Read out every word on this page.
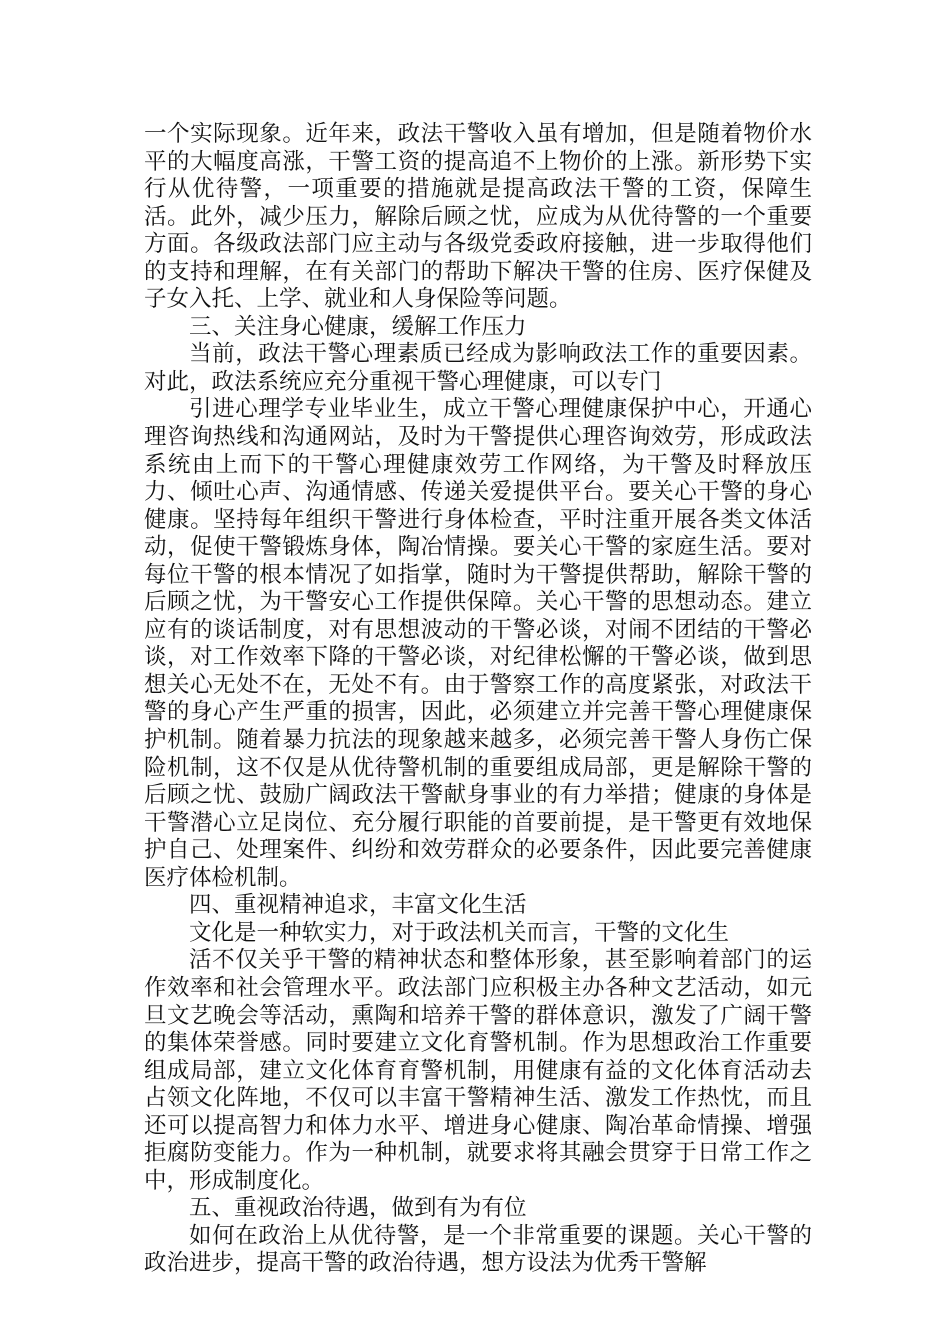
一个实际现象。近年来，政法干警收入虽有增加，但是随着物价水平的大幅度高涨，干警工资的提高追不上物价的上涨。新形势下实行从优待警，一项重要的措施就是提高政法干警的工资，保障生活。此外，减少压力，解除后顾之忧，应成为从优待警的一个重要方面。各级政法部门应主动与各级党委政府接触，进一步取得他们的支持和理解，在有关部门的帮助下解决干警的住房、医疗保健及子女入托、上学、就业和人身保险等问题。

三、关注身心健康，缓解工作压力

当前，政法干警心理素质已经成为影响政法工作的重要因素。对此，政法系统应充分重视干警心理健康，可以专门

引进心理学专业毕业生，成立干警心理健康保护中心，开通心理咨询热线和沟通网站，及时为干警提供心理咨询效劳，形成政法系统由上而下的干警心理健康效劳工作网络，为干警及时释放压力、倾吐心声、沟通情感、传递关爱提供平台。要关心干警的身心健康。坚持每年组织干警进行身体检查，平时注重开展各类文体活动，促使干警锻炼身体，陶冶情操。要关心干警的家庭生活。要对每位干警的根本情况了如指掌，随时为干警提供帮助，解除干警的后顾之忧，为干警安心工作提供保障。关心干警的思想动态。建立应有的谈话制度，对有思想波动的干警必谈，对闹不团结的干警必谈，对工作效率下降的干警必谈，对纪律松懈的干警必谈，做到思想关心无处不在，无处不有。由于警察工作的高度紧张，对政法干警的身心产生严重的损害，因此，必须建立并完善干警心理健康保护机制。随着暴力抗法的现象越来越多，必须完善干警人身伤亡保险机制，这不仅是从优待警机制的重要组成局部，更是解除干警的后顾之忧、鼓励广阔政法干警献身事业的有力举措；健康的身体是干警潜心立足岗位、充分履行职能的首要前提，是干警更有效地保护自己、处理案件、纠纷和效劳群众的必要条件，因此要完善健康医疗体检机制。

四、重视精神追求，丰富文化生活

文化是一种软实力，对于政法机关而言，干警的文化生

活不仅关乎干警的精神状态和整体形象，甚至影响着部门的运作效率和社会管理水平。政法部门应积极主办各种文艺活动，如元旦文艺晚会等活动，熏陶和培养干警的群体意识，激发了广阔干警的集体荣誉感。同时要建立文化育警机制。作为思想政治工作重要组成局部，建立文化体育育警机制，用健康有益的文化体育活动去占领文化阵地，不仅可以丰富干警精神生活、激发工作热忱，而且还可以提高智力和体力水平、增进身心健康、陶冶革命情操、增强拒腐防变能力。作为一种机制，就要求将其融会贯穿于日常工作之中，形成制度化。

五、重视政治待遇，做到有为有位

如何在政治上从优待警，是一个非常重要的课题。关心干警的政治进步，提高干警的政治待遇，想方设法为优秀干警解
